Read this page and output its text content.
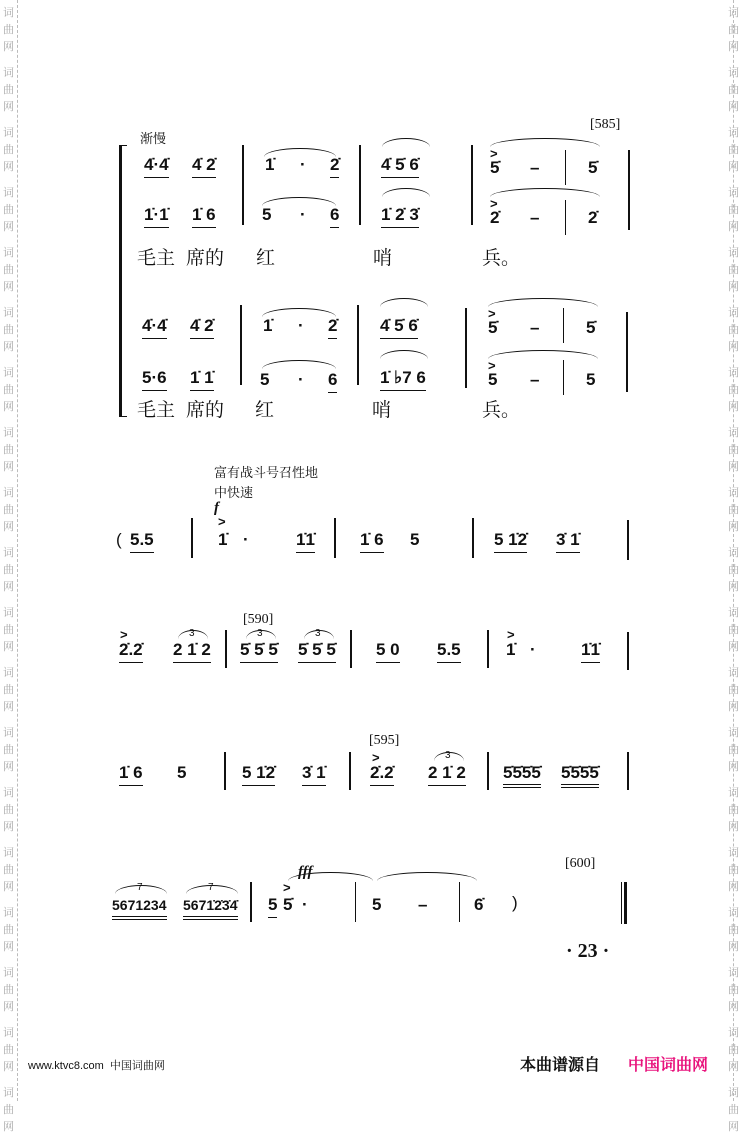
词
曲
网
词
曲
网
词
曲
网
词
曲
网
词
曲
网
词
曲
网
词
曲
网
词
曲
网
词
曲
网
词
曲
网
词
曲
网
词
曲
网
词
曲
网
词
曲
网
词
曲
网
词
曲
网
词
曲
网
词
曲
网
词
曲
网
词
曲
网
词
曲
网
词
曲
网
词
曲
网
词
曲
网
词
曲
网
词
曲
网
词
曲
网
词
曲
网
词
曲
网
词
曲
网
词
曲
网
词
曲
网
词
曲
网
词
曲
网
词
曲
网
词
曲
网
词
曲
网
词
曲
网
渐慢
[585]
4̇·4̇ 4̇ 2̇	1̇ · 2̇ 4̇ 5̇ 6̇
>
5̇ –	5̇
1̇·1̇ 1̇ 6	5 · 6 1̇ 2̇ 3̇
>
2̇ –	2̇
毛主 席的 红	哨	兵。
4̇·4̇ 4̇ 2̇	1̇ · 2̇	4̇ 5̇ 6̇
>
5̇ –	5̇
5·6 1̇ 1̇	5 · 6	1̇ ♭7 6
>
5 –	5
毛主 席的 红	哨	兵。
富有战斗号召性地
中快速
f
( 5.5
>
1̇ ·	1̇1̇	1̇ 6 5	5 1̇2̇ 3̇ 1̇
[590]
>
2̇.2̇
3
2 1̇ 2
3
5̇ 5̇ 5̇
3
5̇ 5̇ 5̇ 5 0 5.5
>
1̇ ·	1̇1̇
1̇ 6 5	5 1̇2̇ 3̇ 1̇
[595]
>
2̇.2̇
3
2 1̇ 2 5̇5̇5̇5̇ 5̇5̇5̇5̇
7
5671234
7
5671̇2̇3̇4̇
fff
[600]
>
5 5̇ ·	5 –	6̇ )
· 23 ·
www.ktvc8.com  中国词曲网	本曲谱源自 中国词曲网
